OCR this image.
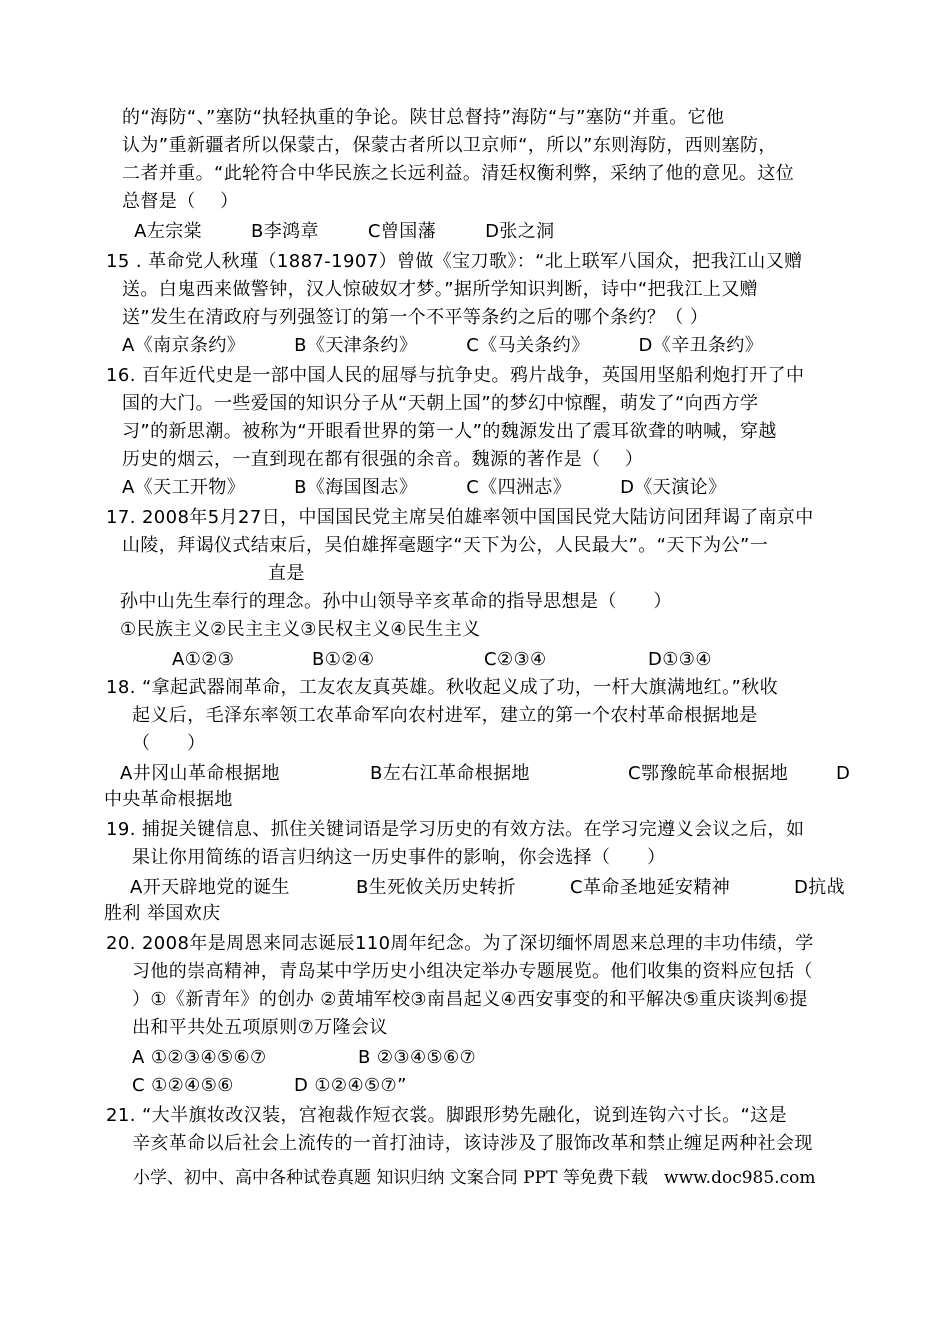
的“海防“、”塞防“执轻执重的争论。陕甘总督持”海防“与”塞防“并重。它他
认为”重新疆者所以保蒙古，保蒙古者所以卫京师“，所以”东则海防，西则塞防，
二者并重。“此轮符合中华民族之长远利益。清廷权衡利弊，采纳了他的意见。这位
总督是（    ）
A左宗棠        B李鸿章        C曾国藩        D张之洞
15 . 革命党人秋瑾（1887-1907）曾做《宝刀歌》：“北上联军八国众，把我江山又赠
送。白鬼西来做警钟，汉人惊破奴才梦。”据所学知识判断，诗中“把我江上又赠
送”发生在清政府与列强签订的第一个不平等条约之后的哪个条约？（ ）
A《南京条约》        B《天津条约》        C《马关条约》        D《辛丑条约》
16. 百年近代史是一部中国人民的屈辱与抗争史。鸦片战争，英国用坚船利炮打开了中
国的大门。一些爱国的知识分子从“天朝上国”的梦幻中惊醒，萌发了“向西方学
习”的新思潮。被称为“开眼看世界的第一人”的魏源发出了震耳欲聋的呐喊，穿越
历史的烟云，一直到现在都有很强的余音。魏源的著作是（    ）
A《天工开物》        B《海国图志》        C《四洲志》        D《天演论》
17. 2008年5月27日，中国国民党主席吴伯雄率领中国国民党大陆访问团拜谒了南京中
山陵，拜谒仪式结束后，吴伯雄挥毫题字“天下为公，人民最大”。“天下为公”一
直是
孙中山先生奉行的理念。孙中山领导辛亥革命的指导思想是（      ）
①民族主义②民主主义③民权主义④民生主义
A①②③	B①②④	C②③④	D①③④
18. “拿起武器闹革命，工友农友真英雄。秋收起义成了功，一杆大旗满地红。”秋收
起义后，毛泽东率领工农革命军向农村进军，建立的第一个农村革命根据地是
（      ）
A井冈山革命根据地	B左右江革命根据地	C鄂豫皖革命根据地	D
中央革命根据地
19. 捕捉关键信息、抓住关键词语是学习历史的有效方法。在学习完遵义会议之后，如
果让你用简练的语言归纳这一历史事件的影响，你会选择（      ）
A开天辟地党的诞生	B生死攸关历史转折	C革命圣地延安精神	D抗战
胜利 举国欢庆
20. 2008年是周恩来同志诞辰110周年纪念。为了深切缅怀周恩来总理的丰功伟绩，学
习他的崇高精神，青岛某中学历史小组决定举办专题展览。他们收集的资料应包括（
）①《新青年》的创办 ②黄埔军校③南昌起义④西安事变的和平解决⑤重庆谈判⑥提
出和平共处五项原则⑦万隆会议
A ①②③④⑤⑥⑦	B ②③④⑤⑥⑦
C ①②④⑤⑥	D ①②④⑤⑦”
21. “大半旗妆改汉装，宫袍裁作短衣裳。脚跟形势先融化，说到连钩六寸长。“这是
辛亥革命以后社会上流传的一首打油诗，该诗涉及了服饰改革和禁止缠足两种社会现
小学、初中、高中各种试卷真题 知识归纳 文案合同 PPT 等免费下载   www.doc985.com
